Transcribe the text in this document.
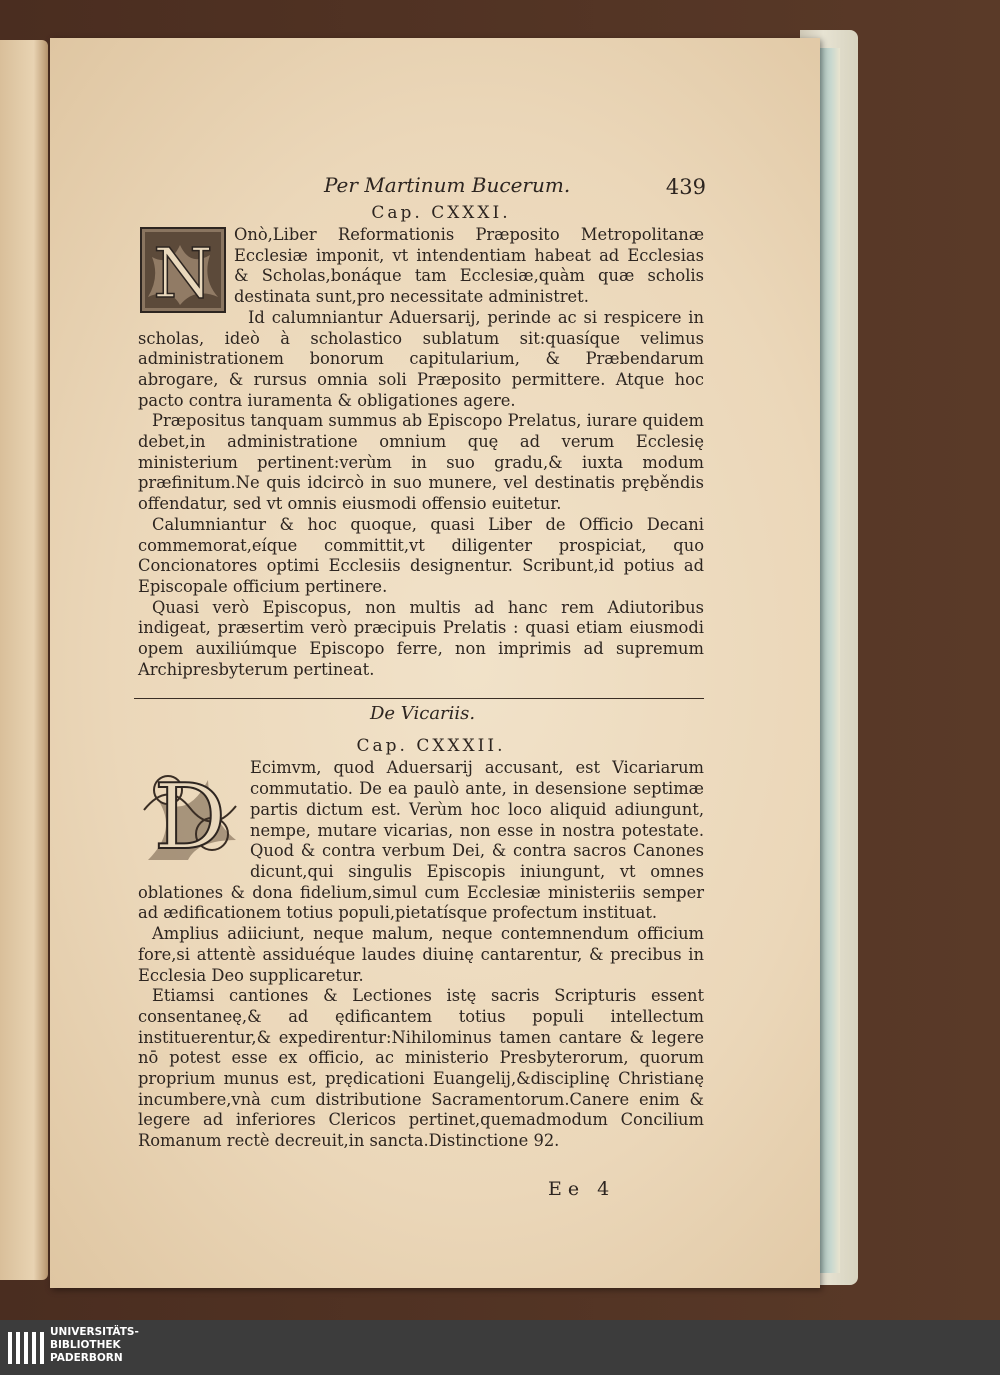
Per Martinum Bucerum.	439
Cap. CXXXI.
N

Onò,Liber Reformationis Præposito Metropolitanæ Ecclesiæ imponit, vt intendentiam habeat ad Ecclesias & Scholas,bonáque tam Ecclesiæ,quàm quæ scholis destinata sunt,pro necessitate administret.

Id calumniantur Aduersarij, perinde ac si respicere in scholas, ideò à scholastico sublatum sit:quasíque velimus administrationem bonorum capitularium, & Præbendarum abrogare, & rursus omnia soli Præposito permittere. Atque hoc pacto contra iuramenta & obligationes agere.

Præpositus tanquam summus ab Episcopo Prelatus, iurare quidem debet,in administratione omnium quę ad verum Ecclesię ministerium pertinent:verùm in suo gradu,& iuxta modum præfinitum.Ne quis idcircò in suo munere, vel destinatis pręběndis offendatur, sed vt omnis eiusmodi offensio euitetur.

Calumniantur & hoc quoque, quasi Liber de Officio Decani commemorat,eíque committit,vt diligenter prospiciat, quo Concionatores optimi Ecclesiis designentur. Scribunt,id potius ad Episcopale officium pertinere.

Quasi verò Episcopus, non multis ad hanc rem Adiutoribus indigeat, præsertim verò præcipuis Prelatis : quasi etiam eiusmodi opem auxiliúmque Episcopo ferre, non imprimis ad supremum Archipresbyterum pertineat.

De Vicariis.
Cap. CXXXII.
D	Ecimvm, quod Aduersarij accusant, est Vicariarum commutatio. De ea paulò ante, in desensione septimæ partis dictum est. Verùm hoc loco aliquid adiungunt, nempe, mutare vicarias, non esse in nostra potestate. Quod & contra verbum Dei, & contra sacros Canones dicunt,qui singulis Episcopis iniungunt, vt omnes oblationes & dona fidelium,simul cum Ecclesiæ ministeriis semper ad ædificationem totius populi,pietatísque profectum instituat.

Amplius adiiciunt, neque malum, neque contemnendum officium fore,si attentè assiduéque laudes diuinę cantarentur, & precibus in Ecclesia Deo supplicaretur.

Etiamsi cantiones & Lectiones istę sacris Scripturis essent consentaneę,& ad ędificantem totius populi intellectum instituerentur,& expedirentur:Nihilominus tamen cantare & legere nō potest esse ex officio, ac ministerio Presbyterorum, quorum proprium munus est, prędicationi Euangelij,&disciplinę Christianę incumbere,vnà cum distributione Sacramentorum.Canere enim & legere ad inferiores Clericos pertinet,quemadmodum Concilium Romanum rectè decreuit,in sancta.Distinctione 92.

Ee 4
UNIVERSITÄTS-
BIBLIOTHEK
PADERBORN
